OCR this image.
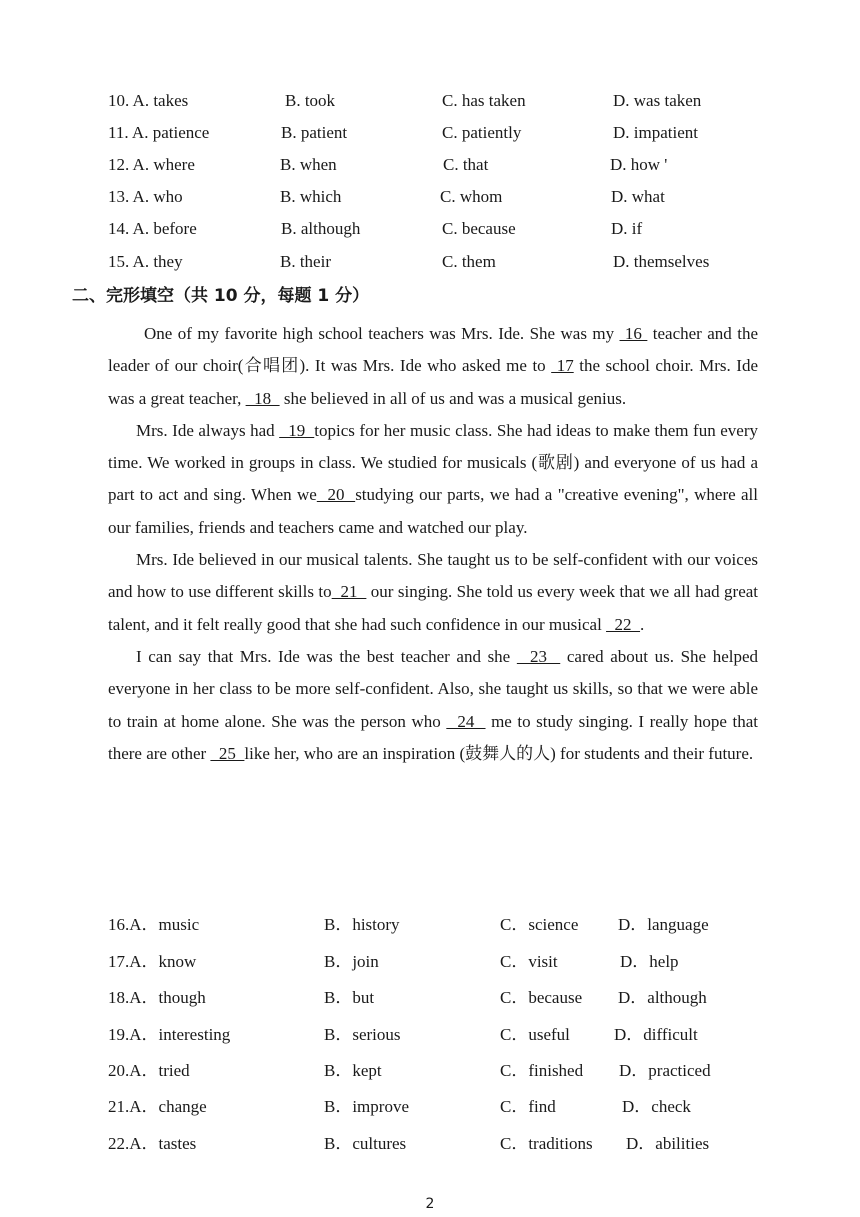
10. A. takes	B. took	C. has taken	D. was taken
11. A. patience	B. patient	C. patiently	D. impatient
12. A. where	B. when	C. that	D. how '
13. A. who	B. which	C. whom	D. what
14. A. before	B. although	C. because	D. if
15. A. they	B. their	C. them	D. themselves
二、完形填空（共 10 分，每题 1 分）

One of my favorite high school teachers was Mrs. Ide. She was my  16  teacher and the leader of our choir(合唱团). It was Mrs. Ide who asked me to  17 the school choir. Mrs. Ide was a great teacher,   18   she believed in all of us and was a musical genius.

Mrs. Ide always had   19  topics for her music class. She had ideas to make them fun every time. We worked in groups in class. We studied for musicals (歌剧) and everyone of us had a part to act and sing. When we  20  studying our parts, we had a "creative evening", where all our families, friends and teachers came and watched our play.

Mrs. Ide believed in our musical talents. She taught us to be self-confident with our voices and how to use different skills to  21   our singing. She told us every week that we all had great talent, and it felt really good that she had such confidence in our musical   22  .

I can say that Mrs. Ide was the best teacher and she   23   cared about us. She helped everyone in her class to be more self-confident. Also, she taught us skills, so that we were able to train at home alone. She was the person who   24   me to study singing. I really hope that there are other   25  like her, who are an inspiration (鼓舞人的人) for students and their future.

16.A．music	B．history	C．science D．language
17.A．know	B．join	C．visit	D．help
18.A．though	B．but	C．because D．although
19.A．interesting	B．serious	C．useful	D．difficult
20.A．tried	B．kept	C．finished D．practiced
21.A．change	B．improve	C．find	D．check
22.A．tastes	B．cultures	C．traditions D．abilities
2
